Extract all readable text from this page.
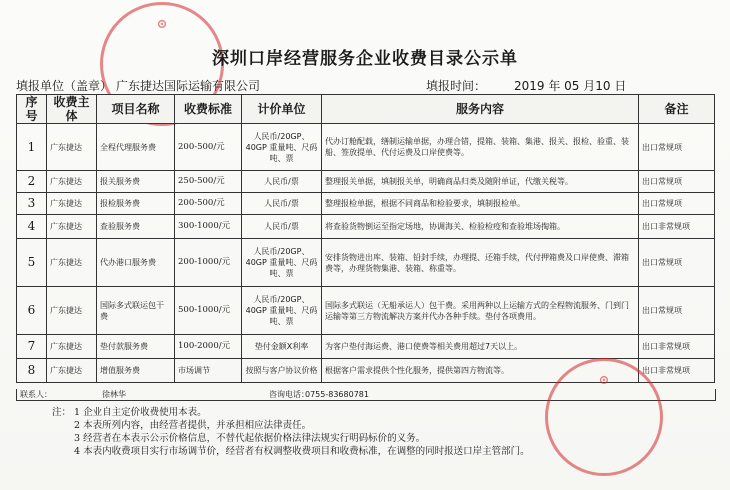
⊙
深圳口岸经营服务企业收费目录公示单
填报单位（盖章） 广东捷达国际运输有限公司	填报时间： 2019 年 05 月10 日
序号	收费主体	项目名称	收费标准	计价单位	服务内容	备注
1	广东捷达	全程代理服务费	200-500/元	人民币/20GP、40GP 重量吨、尺码吨、票	代办订舱配载，缮制运输单据，办理合错，提箱、装箱、集港、报关、报检、验重、装船、签放提单、代付运费及口岸使费等。	出口常规项
2	广东捷达	报关服务费	250-500/元	人民币/票	整理报关单据，填制报关单，明确商品归类及随附单证，代缴关税等。	出口常规项
3	广东捷达	报检服务费	200-500/元	人民币/票	整理报检单据，根据不同商品和检验要求，填制报检单。	出口常规项
4	广东捷达	查验服务费	300-1000/元	人民币/票	将查验货物倒运至指定场地，协调海关、检验检疫和查验堆场掏箱。	出口非常规项
5	广东捷达	代办港口服务费	200-1000/元	人民币/20GP、40GP 重量吨、尺码吨、票	安排货物进出库、装箱、铅封手续，办理提、还箱手续，代付押箱费及口岸使费、滞箱费等，办理货物集港、装箱、称重等。	出口常规项
6	广东捷达	国际多式联运包干费	500-1000/元	人民币/20GP、40GP 重量吨、尺码吨、票	国际多式联运（无船承运人）包干费。采用两种以上运输方式的全程物流服务、门到门运输等第三方物流解决方案并代办各种手续。垫付各项费用。	出口常规项
7	广东捷达	垫付款服务费	100-2000/元	垫付金额X利率	为客户垫付海运费、港口使费等相关费用超过7天以上。	出口非常规项
8	广东捷达	增值服务费	市场调节	按照与客户协议价格	根据客户需求提供个性化服务，提供第四方物流等。	出口非常规项
联系人：	徐林华	咨询电话：
0755-83680781
注： 1 企业自主定价收费使用本表。
2 本表所列内容，由经营者提供，并承担相应法律责任。
3 经营者在本表示公示价格信息，不替代起依据价格法律法规实行明码标价的义务。
4 本表内收费项目实行市场调节价，经营者有权调整收费项目和收费标准，在调整的同时报送口岸主管部门。
⊙
